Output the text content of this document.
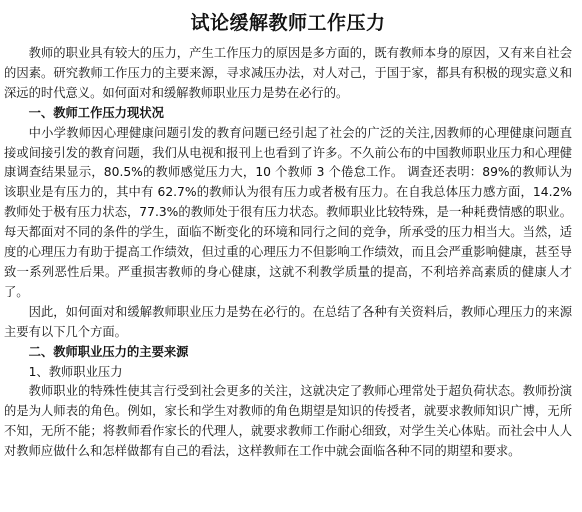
试论缓解教师工作压力

教师的职业具有较大的压力，产生工作压力的原因是多方面的，既有教师本身的原因，又有来自社会的因素。研究教师工作压力的主要来源，寻求减压办法，对人对己，于国于家，都具有积极的现实意义和深远的时代意义。如何面对和缓解教师职业压力是势在必行的。

一、教师工作压力现状况

中小学教师因心理健康问题引发的教育问题已经引起了社会的广泛的关注,因教师的心理健康问题直接或间接引发的教育问题，我们从电视和报刊上也看到了许多。不久前公布的中国教师职业压力和心理健康调查结果显示，80.5%的教师感觉压力大，10 个教师 3 个倦怠工作。 调查还表明：89%的教师认为该职业是有压力的，其中有 62.7%的教师认为很有压力或者极有压力。在自我总体压力感方面，14.2%教师处于极有压力状态，77.3%的教师处于很有压力状态。教师职业比较特殊，是一种耗费情感的职业。每天都面对不同的条件的学生，面临不断变化的环境和同行之间的竞争，所承受的压力相当大。当然，适度的心理压力有助于提高工作绩效，但过重的心理压力不但影响工作绩效，而且会严重影响健康，甚至导致一系列恶性后果。严重损害教师的身心健康，这就不利教学质量的提高，不利培养高素质的健康人才了。

因此，如何面对和缓解教师职业压力是势在必行的。在总结了各种有关资料后，教师心理压力的来源主要有以下几个方面。

二、教师职业压力的主要来源
1、教师职业压力

教师职业的特殊性使其言行受到社会更多的关注，这就决定了教师心理常处于超负荷状态。教师扮演的是为人师表的角色。例如，家长和学生对教师的角色期望是知识的传授者，就要求教师知识广博，无所不知，无所不能；将教师看作家长的代理人，就要求教师工作耐心细致，对学生关心体贴。而社会中人人对教师应做什么和怎样做都有自己的看法，这样教师在工作中就会面临各种不同的期望和要求。
